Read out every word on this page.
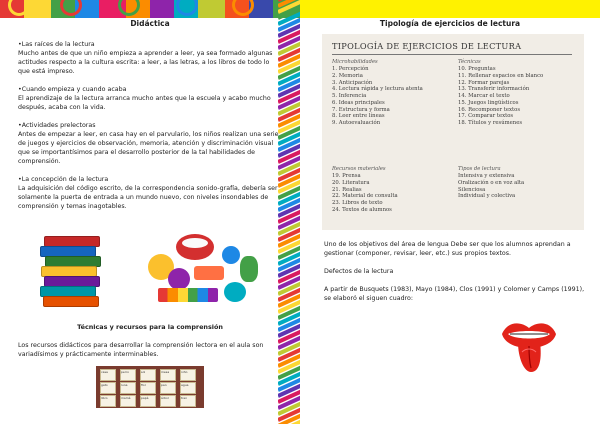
Didáctica

•Las raíces de la lectura
Mucho antes de que un niño empieza a aprender a leer, ya sea formado algunas actitudes respecto a la cultura escrita: a leer, a las letras, a los libros de todo lo que está impreso.

•Cuando empieza y cuando acaba
El aprendizaje de la lectura arranca mucho antes que la escuela y acabo mucho después, acaba con la vida.

•Actividades prelectoras
Antes de empezar a leer, en casa hay en el parvulario, los niños realizan una serie de juegos y ejercicios de observación, memoria, atención y discriminación visual que se importantísimos para el desarrollo posterior de la tal habilidades de comprensión.

•La concepción de la lectura
La adquisición del código escrito, de la correspondencia sonido-grafía, debería ser solamente la puerta de entrada a un mundo nuevo, con niveles insondables de comprensión y temas inagotables.

Técnicas y recursos para la comprensión
Los recursos didácticos para desarrollar la comprensión lectora en el aula son variadísimos y prácticamente interminables.
casa	perro	sol	mesa	niño
gato	luna	flor	pan	agua
libro	mamá	papá	árbol	tren
Tipología de ejercicios de lectura
TIPOLOGÍA DE EJERCICIOS DE LECTURA
Microhabilidades
1. Percepción
2. Memoria
3. Anticipación
4. Lectura rápida y lectura atenta
5. Inferencia
6. Ideas principales
7. Estructura y forma
8. Leer entre líneas
9. Autoevaluación
Técnicas
10. Preguntas
11. Rellenar espacios en blanco
12. Formar parejas
13. Transferir información
14. Marcar el texto
15. Juegos lingüísticos
16. Recomponer textos
17. Comparar textos
18. Títulos y resúmenes
Recursos materiales
19. Prensa
20. Literatura
21. Realias
22. Material de consulta
23. Libros de texto
24. Textos de alumnos
Tipos de lectura
Intensiva y extensiva
Oralización o en voz alta
Silenciosa
Individual y colectiva

Uno de los objetivos del área de lengua Debe ser que los alumnos aprendan a gestionar (componer, revisar, leer, etc.) sus propios textos.

Defectos de la lectura

A partir de Busquets (1983), Mayo (1984), Clos (1991) y Colomer y Camps (1991), se elaboró el siguen cuadro:
